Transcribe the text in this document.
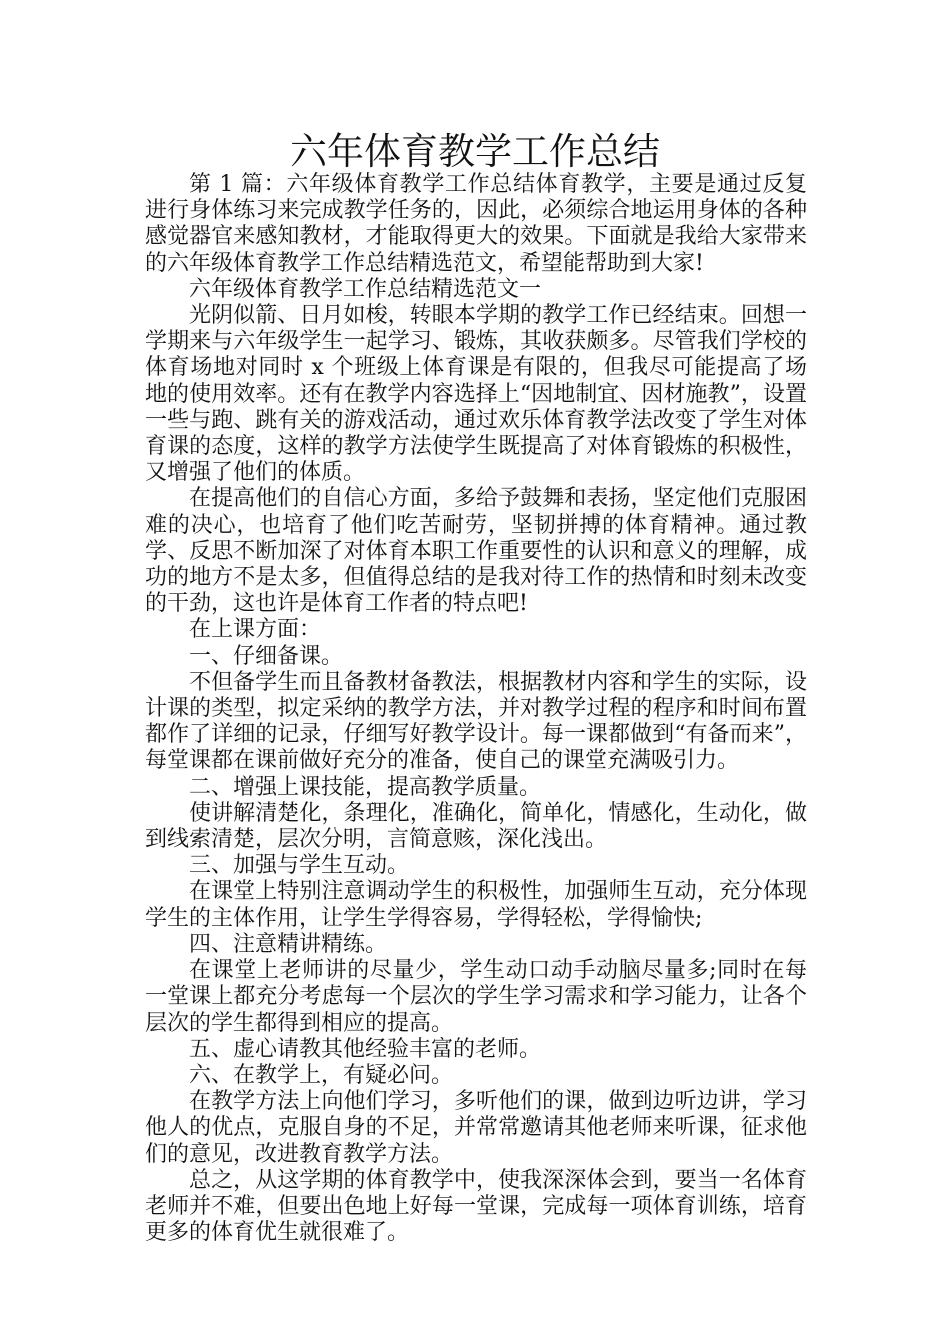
六年体育教学工作总结

第 1 篇：六年级体育教学工作总结体育教学，主要是通过反复进行身体练习来完成教学任务的，因此，必须综合地运用身体的各种感觉器官来感知教材，才能取得更大的效果。下面就是我给大家带来的六年级体育教学工作总结精选范文，希望能帮助到大家!

六年级体育教学工作总结精选范文一

光阴似箭、日月如梭，转眼本学期的教学工作已经结束。回想一学期来与六年级学生一起学习、锻炼，其收获颇多。尽管我们学校的体育场地对同时 x 个班级上体育课是有限的，但我尽可能提高了场地的使用效率。还有在教学内容选择上“因地制宜、因材施教”，设置一些与跑、跳有关的游戏活动，通过欢乐体育教学法改变了学生对体育课的态度，这样的教学方法使学生既提高了对体育锻炼的积极性，又增强了他们的体质。

在提高他们的自信心方面，多给予鼓舞和表扬，坚定他们克服困难的决心，也培育了他们吃苦耐劳，坚韧拼搏的体育精神。通过教学、反思不断加深了对体育本职工作重要性的认识和意义的理解，成功的地方不是太多，但值得总结的是我对待工作的热情和时刻未改变的干劲，这也许是体育工作者的特点吧!

在上课方面：

一、仔细备课。

不但备学生而且备教材备教法，根据教材内容和学生的实际，设计课的类型，拟定采纳的教学方法，并对教学过程的程序和时间布置都作了详细的记录，仔细写好教学设计。每一课都做到“有备而来”，每堂课都在课前做好充分的准备，使自己的课堂充满吸引力。

二、增强上课技能，提高教学质量。

使讲解清楚化，条理化，准确化，简单化，情感化，生动化，做到线索清楚，层次分明，言简意赅，深化浅出。

三、加强与学生互动。

在课堂上特别注意调动学生的积极性，加强师生互动，充分体现学生的主体作用，让学生学得容易，学得轻松，学得愉快;

四、注意精讲精练。

在课堂上老师讲的尽量少，学生动口动手动脑尽量多;同时在每一堂课上都充分考虑每一个层次的学生学习需求和学习能力，让各个层次的学生都得到相应的提高。

五、虚心请教其他经验丰富的老师。

六、在教学上，有疑必问。

在教学方法上向他们学习，多听他们的课，做到边听边讲，学习他人的优点，克服自身的不足，并常常邀请其他老师来听课，征求他们的意见，改进教育教学方法。

总之，从这学期的体育教学中，使我深深体会到，要当一名体育老师并不难，但要出色地上好每一堂课，完成每一项体育训练，培育更多的体育优生就很难了。
